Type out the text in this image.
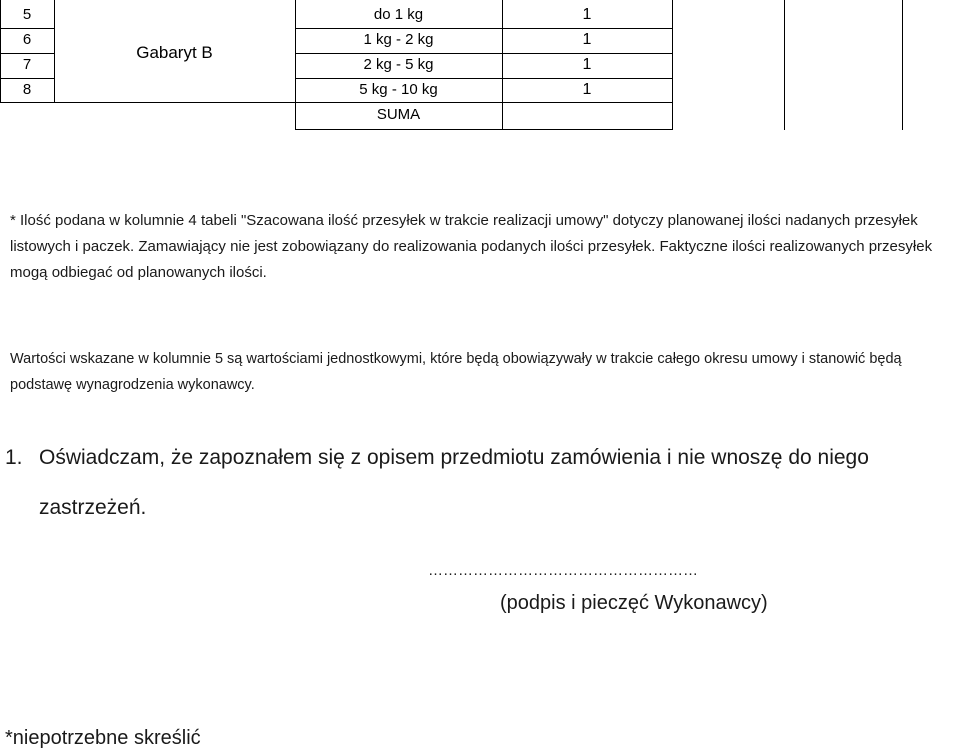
Gabaryt B
5	do 1 kg	1
6	1 kg - 2 kg	1
7	2 kg - 5 kg	1
8	5 kg - 10 kg	1
SUMA
* Ilość podana w kolumnie 4 tabeli "Szacowana ilość przesyłek w trakcie realizacji umowy" dotyczy planowanej ilości nadanych przesyłek listowych i paczek. Zamawiający nie jest zobowiązany do realizowania podanych ilości przesyłek. Faktyczne ilości realizowanych przesyłek mogą odbiegać od planowanych ilości.
Wartości wskazane w kolumnie 5 są wartościami jednostkowymi, które będą obowiązywały w trakcie całego okresu umowy i stanowić będą podstawę wynagrodzenia wykonawcy.
1. Oświadczam, że zapoznałem się z opisem przedmiotu zamówienia i nie wnoszę do niego
zastrzeżeń.
………………………………………………
(podpis i pieczęć Wykonawcy)
*niepotrzebne skreślić
